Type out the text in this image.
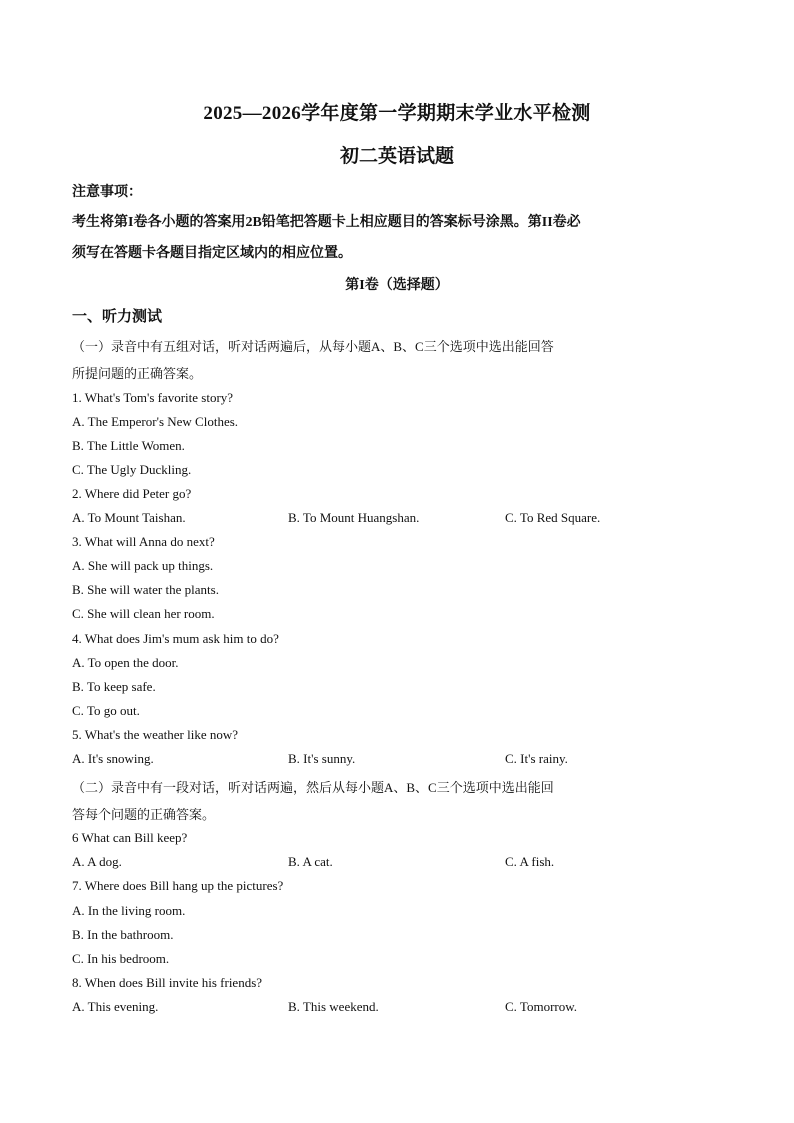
2025—2026学年度第一学期期末学业水平检测
初二英语试题
注意事项：
考生将第I卷各小题的答案用2B铅笔把答题卡上相应题目的答案标号涂黑。第II卷必
须写在答题卡各题目指定区域内的相应位置。
第I卷（选择题）
一、听力测试
（一）录音中有五组对话，听对话两遍后，从每小题A、B、C三个选项中选出能回答
所提问题的正确答案。
1. What's Tom's favorite story?
A. The Emperor's New Clothes.
B. The Little Women.
C. The Ugly Duckling.
2. Where did Peter go?
A. To Mount Taishan.	B. To Mount Huangshan.	C. To Red Square.
3. What will Anna do next?
A. She will pack up things.
B. She will water the plants.
C. She will clean her room.
4. What does Jim's mum ask him to do?
A. To open the door.
B. To keep safe.
C. To go out.
5. What's the weather like now?
A. It's snowing.	B. It's sunny.	C. It's rainy.
（二）录音中有一段对话，听对话两遍，然后从每小题A、B、C三个选项中选出能回
答每个问题的正确答案。
6 What can Bill keep?
A. A dog.	B. A cat.	C. A fish.
7. Where does Bill hang up the pictures?
A. In the living room.
B. In the bathroom.
C. In his bedroom.
8. When does Bill invite his friends?
A. This evening.	B. This weekend.	C. Tomorrow.
